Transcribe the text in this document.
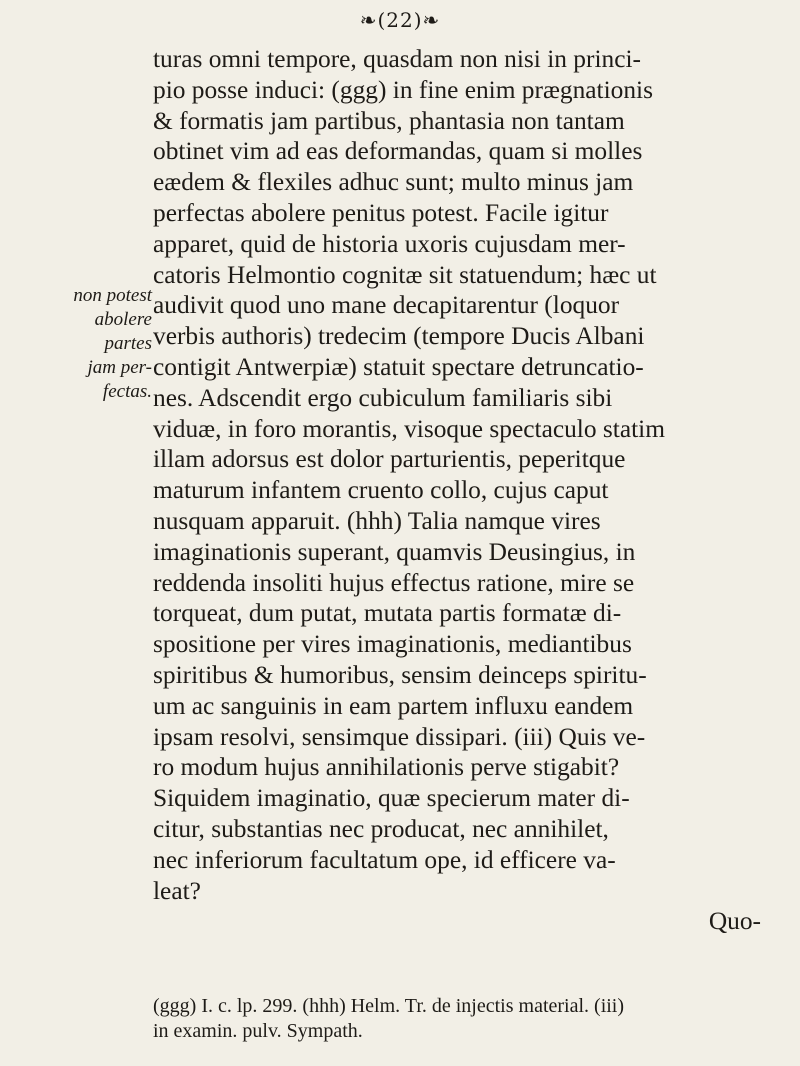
❧(22)❧
non potest
abolere
partes
jam per-
fectas.
turas omni tempore, quasdam non nisi in princi-
pio posse induci: (ggg) in fine enim prægnationis
& formatis jam partibus, phantasia non tantam
obtinet vim ad eas deformandas, quam si molles
eædem & flexiles adhuc sunt; multo minus jam
perfectas abolere penitus potest. Facile igitur
apparet, quid de historia uxoris cujusdam mer-
catoris Helmontio cognitæ sit statuendum; hæc ut
audivit quod uno mane decapitarentur (loquor
verbis authoris) tredecim (tempore Ducis Albani
contigit Antwerpiæ) statuit spectare detruncatio-
nes. Adscendit ergo cubiculum familiaris sibi
viduæ, in foro morantis, visoque spectaculo statim
illam adorsus est dolor parturientis, peperitque
maturum infantem cruento collo, cujus caput
nusquam apparuit. (hhh) Talia namque vires
imaginationis superant, quamvis Deusingius, in
reddenda insoliti hujus effectus ratione, mire se
torqueat, dum putat, mutata partis formatæ di-
spositione per vires imaginationis, mediantibus
spiritibus & humoribus, sensim deinceps spiritu-
um ac sanguinis in eam partem influxu eandem
ipsam resolvi, sensimque dissipari. (iii) Quis ve-
ro modum hujus annihilationis perve stigabit?
Siquidem imaginatio, quæ specierum mater di-
citur, substantias nec producat, nec annihilet,
nec inferiorum facultatum ope, id efficere va-
leat?
Quo-
(ggg) I. c. lp. 299. (hhh) Helm. Tr. de injectis material. (iii)
in examin. pulv. Sympath.
